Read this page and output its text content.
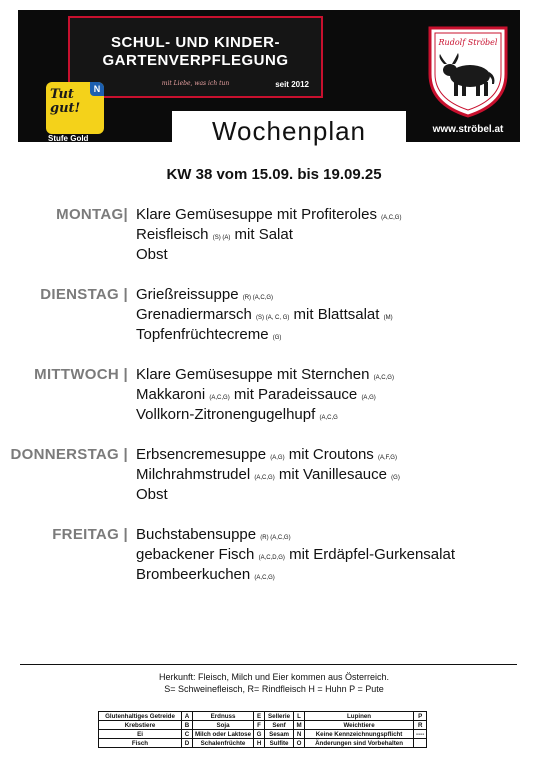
SCHUL- UND KINDER-
GARTENVERPFLEGUNG
mit Liebe, was ich tun	seit 2012
Tut gut!
N
Stufe Gold
Rudolf Ströbel
www.ströbel.at
Wochenplan
KW 38 vom 15.09. bis 19.09.25
MONTAG| Klare Gemüsesuppe mit Profiteroles (A,C,G)
Reisfleisch (S) (A) mit Salat
Obst
DIENSTAG | Grießreissuppe (R) (A,C,G)
Grenadiermarsch (S) (A, C, G) mit Blattsalat (M)
Topfenfrüchtecreme (G)
MITTWOCH | Klare Gemüsesuppe mit Sternchen (A,C,G)
Makkaroni (A,C,G) mit Paradeissauce (A,G)
Vollkorn-Zitronengugelhupf (A,C,G
DONNERSTAG | Erbsencremesuppe (A,G) mit Croutons (A,F,G)
Milchrahmstrudel (A,C,G) mit Vanillesauce (G)
Obst
FREITAG | Buchstabensuppe (R) (A,C,G)
gebackener Fisch (A,C,D,G) mit Erdäpfel-Gurkensalat
Brombeerkuchen (A,C,G)
Herkunft: Fleisch, Milch und Eier kommen aus Österreich.
S= Schweinefleisch, R= Rindfleisch H = Huhn P = Pute
Glutenhaltiges Getreide	A	Erdnuss	E	Sellerie	L	Lupinen	P
Krebstiere	B	Soja	F	Senf	M	Weichtiere	R
Ei	C	Milch oder Laktose	G	Sesam	N	Keine Kennzeichnungspflicht	----
Fisch	D	Schalenfrüchte	H	Sulfite	O	Änderungen sind Vorbehalten	
